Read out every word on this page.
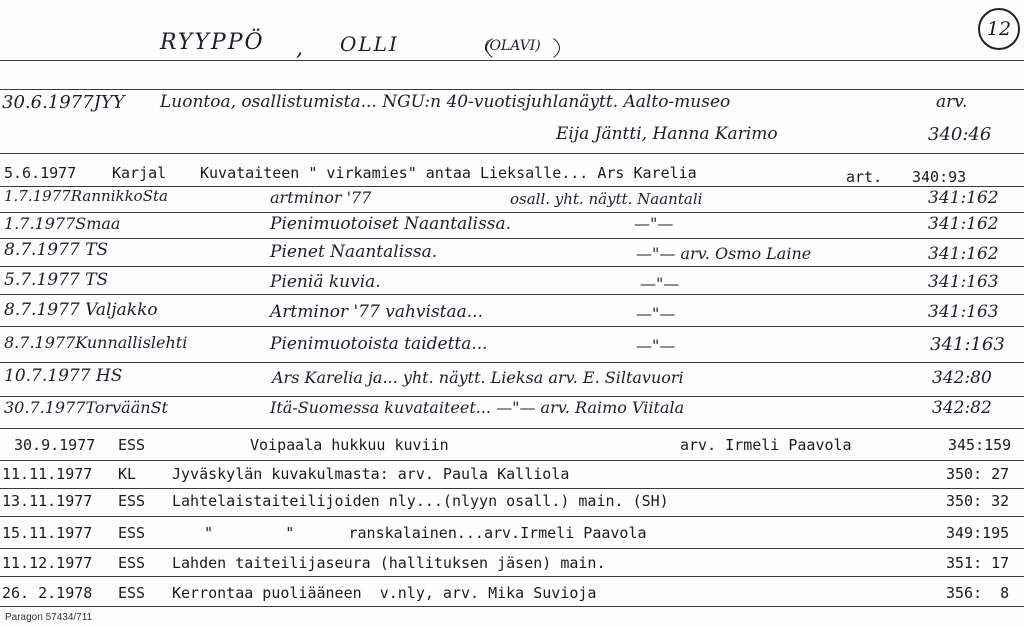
RYYPPÖ , OLLI	(OLAVI)
12
30.6.1977JYY Luontoa, osallistumista... NGU:n 40-vuotisjuhlanäytt. Aalto-museo	arv.
Eija Jäntti, Hanna Karimo	340:46
5.6.1977 Karjal Kuvataiteen " virkamies" antaa Lieksalle... Ars Karelia	art. 340:93
1.7.1977RannikkoSta	artminor '77	osall. yht. näytt. Naantali	341:162
1.7.1977Smaa	Pienimuotoiset Naantalissa.	—"—	341:162
8.7.1977 TS	Pienet Naantalissa.	—"— arv. Osmo Laine	341:162
5.7.1977 TS	Pieniä kuvia.	—"—	341:163
8.7.1977 Valjakko	Artminor '77 vahvistaa...	—"—	341:163
8.7.1977Kunnallislehti	Pienimuotoista taidetta...	—"—	341:163
10.7.1977 HS	Ars Karelia ja... yht. näytt. Lieksa arv. E. Siltavuori	342:80
30.7.1977TorväänSt	Itä-Suomessa kuvataiteet... —"— arv. Raimo Viitala	342:82
30.9.1977 ESS	Voipaala hukkuu kuviin	arv. Irmeli Paavola	345:159
11.11.1977 KL Jyväskylän kuvakulmasta: arv. Paula Kalliola	350: 27
13.11.1977 ESS Lahtelaistaiteilijoiden nly...(nlyyn osall.) main. (SH)	350: 32
15.11.1977 ESS	"        "      ranskalainen...arv.Irmeli Paavola	349:195
11.12.1977 ESS Lahden taiteilijaseura (hallituksen jäsen) main.	351: 17
26. 2.1978 ESS Kerrontaa puoliääneen  v.nly, arv. Mika Suvioja	356:  8
Paragon 57434/711
